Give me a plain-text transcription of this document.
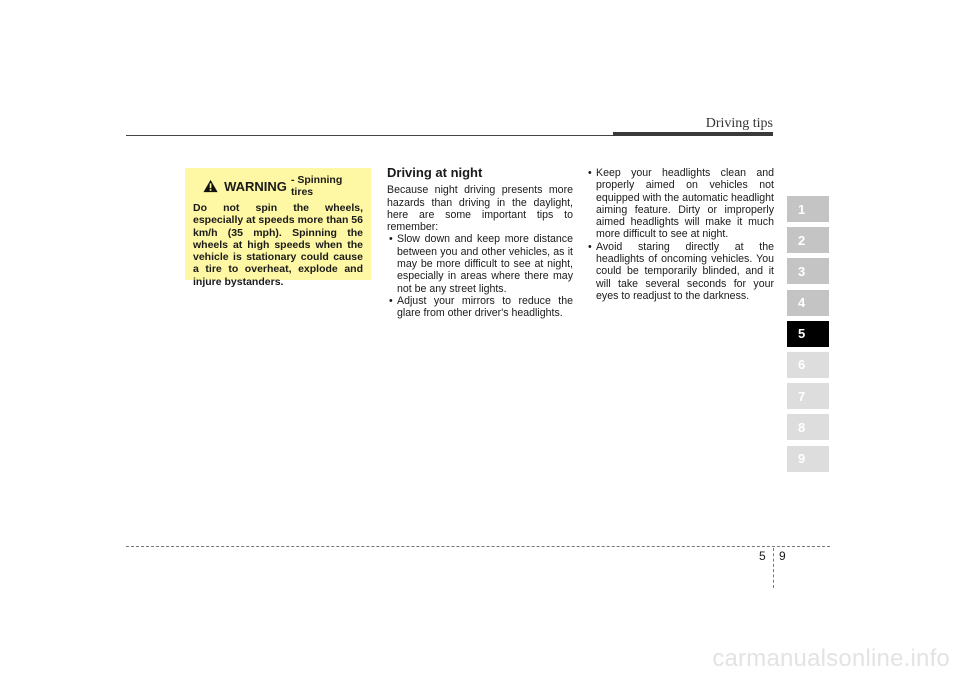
Driving tips
WARNING - Spinning tires

Do not spin the wheels, especially at speeds more than 56 km/h (35 mph). Spinning the wheels at high speeds when the vehicle is stationary could cause a tire to overheat, explode and injure bystanders.

Driving at night

Because night driving presents more hazards than driving in the daylight, here are some important tips to remember:

• Slow down and keep more distance between you and other vehicles, as it may be more difficult to see at night, especially in areas where there may not be any street lights.
• Adjust your mirrors to reduce the glare from other driver's headlights.
• Keep your headlights clean and properly aimed on vehicles not equipped with the automatic headlight aiming feature. Dirty or improperly aimed headlights will make it much more difficult to see at night.
• Avoid staring directly at the headlights of oncoming vehicles. You could be temporarily blinded, and it will take several seconds for your eyes to readjust to the darkness.
1
2
3
4
5
6
7
8
9
5 9
carmanualsonline.info
